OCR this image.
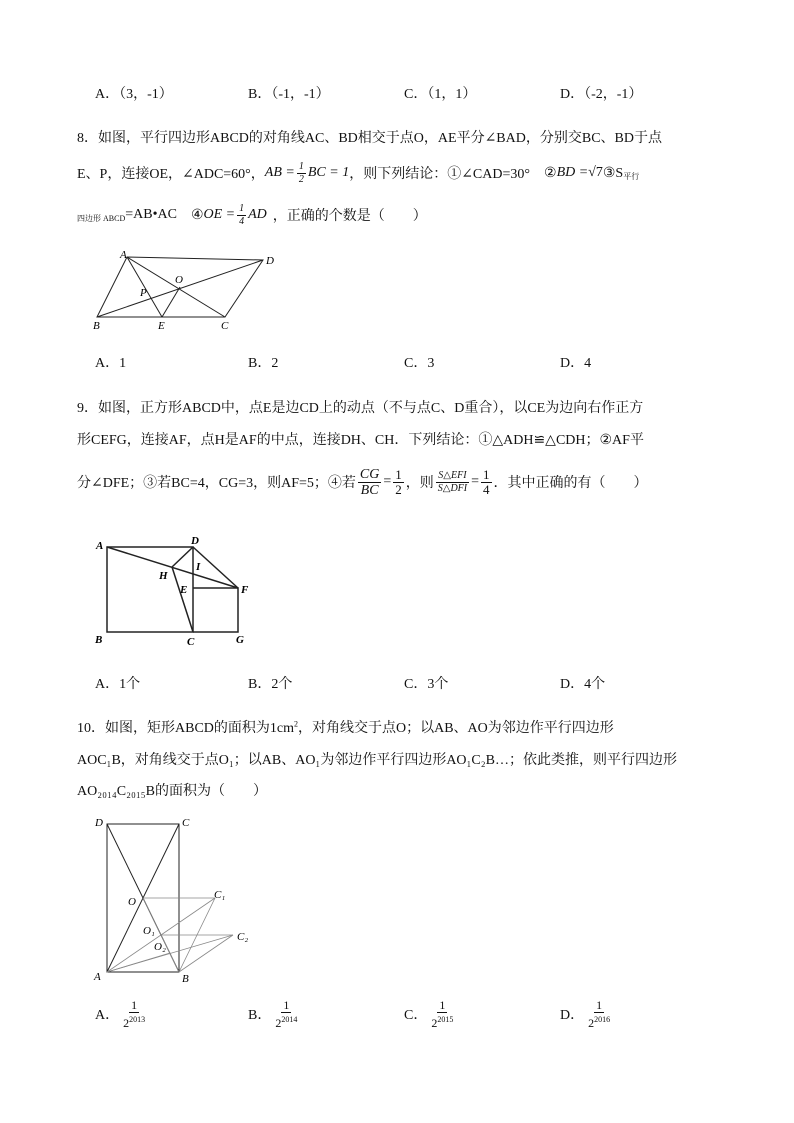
A．（3，-1）	B．（-1，-1）	C．（1，1）	D．（-2，-1）
8．如图，平行四边形ABCD的对角线AC、BD相交于点O，AE平分∠BAD，分别交BC、BD于点
E、P，连接OE，∠ADC=60°， AB = $\frac{1}{2}$ BC = 1 ，则下列结论：①∠CAD=30° ② BD = √7 ③S 平行
四边形 ABCD =AB•AC ④ OE = $\frac{1}{4}$ AD ，正确的个数是（　　）
A	D
O
P
B	E	C
A．1	B．2	C．3	D．4
9．如图，正方形ABCD中，点E是边CD上的动点（不与点C、D重合），以CE为边向右作正方
形CEFG，连接AF，点H是AF的中点，连接DH、CH．下列结论：①△ADH≌△CDH；②AF平
分∠DFE；③若BC=4，CG=3，则AF=5；④若 $\frac{CG}{BC} = \frac{1}{2}$ ，则 $\frac{\text{S△EFI}}{\text{S△DFI}} = \frac{1}{4}$ ．其中正确的有（　　）
A	D
H
I
E	F
B	C	G
A．1个	B．2个	C．3个	D．4个
10．如图，矩形ABCD的面积为$1cm^2$，对角线交于点O；以AB、AO为邻边作平行四边形
AOC₁B，对角线交于点O₁；以AB、AO₁为邻边作平行四边形AO₁C₂B…；依此类推，则平行四边形
AO₂₀₁₄C₂₀₁₅B的面积为（　　）
D	C
O
C₁
O₁
O₂
C₂
A	B
A． $\frac{1}{2^{2013}}$	B． $\frac{1}{2^{2014}}$	C． $\frac{1}{2^{2015}}$	D． $\frac{1}{2^{2016}}$
